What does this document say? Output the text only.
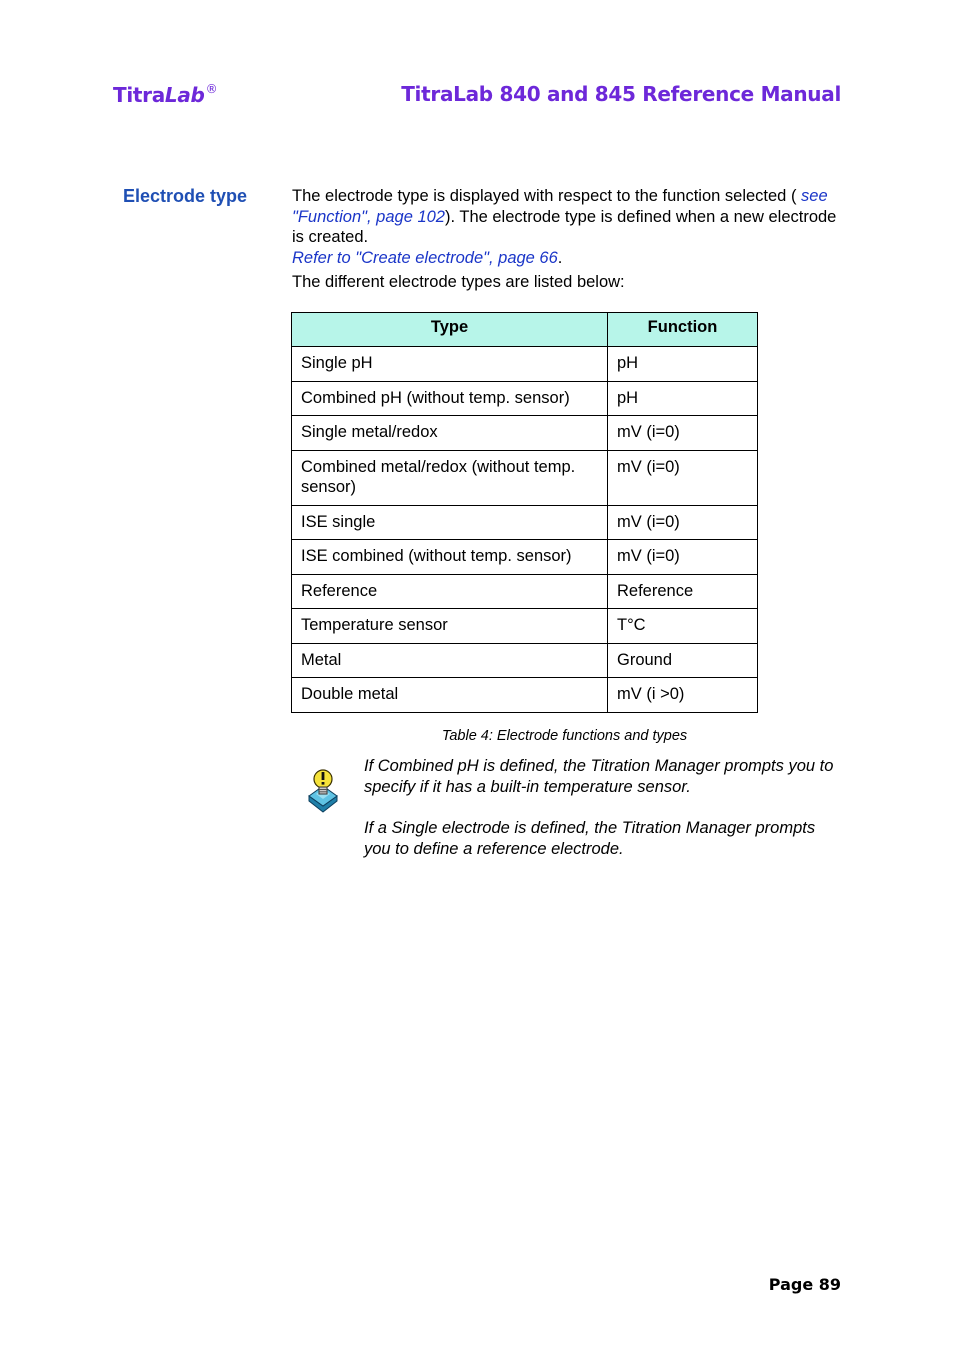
TitraLab®	TitraLab 840 and 845 Reference Manual
Electrode type	The electrode type is displayed with respect to the function selected ( see "Function", page 102). The electrode type is defined when a new electrode is created.

Refer to "Create electrode", page 66.

The different electrode types are listed below:

Type	Function
Single pH	pH
Combined pH (without temp. sensor)	pH
Single metal/redox	mV (i=0)
Combined metal/redox (without temp. sensor)	mV (i=0)
ISE single	mV (i=0)
ISE combined (without temp. sensor)	mV (i=0)
Reference	Reference
Temperature sensor	T°C
Metal	Ground
Double metal	mV (i >0)
Table 4: Electrode functions and types

If Combined pH is defined, the Titration Manager prompts you to specify if it has a built-in temperature sensor.

If a Single electrode is defined, the Titration Manager prompts you to define a reference electrode.

Page 89
